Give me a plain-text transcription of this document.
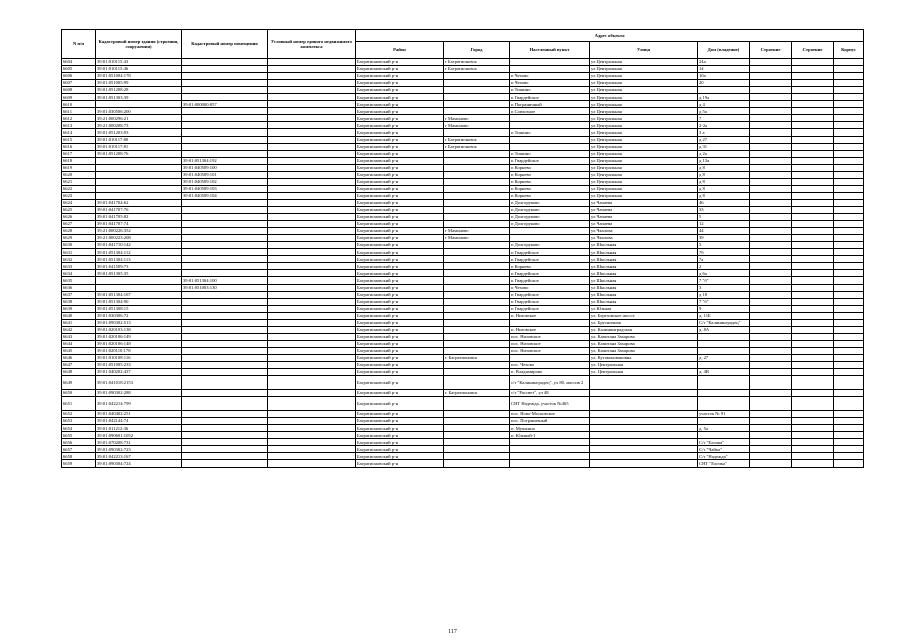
N п/п	Кадастровый номер здания (строения, сооружения)	Кадастровый номер помещения	Условный номер единого недвижимого комплекса	Адрес объекта							
				Район	Город	Населенный пункт	Улица	Дом (владение)	Строение	Строение	Корпус
6604	39:01:010115:43			Багратионовский р-н	г Багратионовск		ул Центральная	24а			
6605	39:01:010115:46			Багратионовский р-н	г Багратионовск		ул Центральная	14			
6606	39:01:051004:178			Багратионовский р-н		п Чехово	ул Центральная	10а			
6607	39:01:051005:99			Багратионовский р-н		п Чехово	ул Центральная	20			
6608	39:01:051208:28			Багратионовский р-н		п Тишино	ул Центральная				
6609	39:01:051303:39			Багратионовский р-н		п Гвардейское	ул Центральная	д 19а			
6610		39:01:000000:857		Багратионовский р-н		п Пограничный	ул Центральная	д 4			
6611	39:01:030506:200			Багратионовский р-н		п Совхозное	ул Центральная	д 5а			
6612	39:21:000296:21			Багратионовский р-н	г Мамоново		ул Центральная	7			
6613	39:21:000208:73			Багратионовский р-н	г Мамоново		ул Центральная	2-2а			
6614	39:01:051203:93			Багратионовский р-н		п Тишино	ул Центральная	3 а			
6615	39:01:010117:80			Багратионовский р-н	г Багратионовск		ул Центральная	д 27			
6616	39:01:010117:81			Багратионовский р-н	г Багратионовск		ул Центральная	д 31			
6617	39:01:051208:76			Багратионовский р-н		п Тишино	ул Центральная	д 2а			
6618		39:01:051304:192		Багратионовский р-н		п Гвардейское	ул Центральная	д 13а			
6619		39:01:040509:100		Багратионовский р-н		п Корнево	ул Центральная	д 8			
6620		39:01:040509:101		Багратионовский р-н		п Корнево	ул Центральная	д 8			
6621		39:01:040509:102		Багратионовский р-н		п Корнево	ул Центральная	д 8			
6622		39:01:040509:103		Багратионовский р-н		п Корнево	ул Центральная	д 8			
6623		39:01:040509:104		Багратионовский р-н		п Корнево	ул Центральная	д 8			
6624	39:01:041704:62			Багратионовский р-н		п Долгоруково	ул Чапаева	46			
6625	39:01:041707:76			Багратионовский р-н		п Долгоруково	ул Чапаева	33			
6626	39:01:041705:82			Багратионовский р-н		п Долгоруково	ул Чапаева	5			
6627	39:01:041707:74			Багратионовский р-н		п Долгоруково	ул Чапаева	12			
6628	39:21:000226:352			Багратионовский р-н	г Мамоново		ул Чкалова	44			
6629	39:21:000223:208			Багратионовский р-н	г Мамоново		ул Чкалова	39			
6630	39:01:041710:142			Багратионовский р-н		п Долгоруково	ул Школьная	5			
6631	39:01:051304:112			Багратионовский р-н		п Гвардейское	ул Школьная	7б			
6632	39:01:051304:113			Багратионовский р-н		п Гвардейское	ул Школьная	7а			
6633	39:01:041509:73			Багратионовский р-н		п Корнево	ул Школьная	2			
6634	39:01:051305:35			Багратионовский р-н		п Гвардейское	ул Школьная	д 6а			
6635		39:01:051304:100		Багратионовский р-н		п Гвардейское	ул Школьная	7 "б"			
6636		39:01:051003:130		Багратионовский р-н		п Чехово	ул Школьная	3			
6637	39:01:051304:167			Багратионовский р-н		п Гвардейское	ул Школьная	д 18			
6638	39:01:051304:90			Багратионовский р-н		п Гвардейское	ул Школьная	7 "б"			
6639	39:01:051308:15			Багратионовский р-н		п Гвардейское	ул Южная	9			
6640	39:01:030306:72			Багратионовский р-н		п. Низовское	ул. Березовское шоссе	д. 11Б			
6641	39:01:090302:513			Багратионовский р-н			ул. Брусничная	С/т "Калининградец"			
6642	39:01:020103:138			Багратионовский р-н		п. Низовское	ул. Калининградская	д. 8А			
6643	39:01:020106:149			Багратионовский р-н		пос. Низовское	ул. Капитана Захарова				
6644	39:01:020106:148			Багратионовский р-н		пос. Низовское	ул. Капитана Захарова				
6645	39:01:020110:178			Багратионовский р-н		пос. Низовское	ул. Капитана Захарова				
6646	39:01:010108:116			Багратионовский р-н	г. Багратионовск		ул. Кутаконовановна	д. 27			
6647	39:01:051005:233			Багратионовский р-н		пос. Чехово	ул. Центральная				
6648	39:01:040202:437			Багратионовский р-н		п. Владимирово	ул. Центральная	д. 4В			
6649	39:01:041018:2153			Багратионовский р-н		с/т "Калининградец", ул 80, массив 2					
6650	39:01:090302:288			Багратионовский р-н	г. Багратионовск	с/т "Рассвет", ул 48					
6651	39:01:042214:799			Багратионовский р-н		СНТ Надежда, участок №465					
6652	39:01:040402:251			Багратионовский р-н		пос. Ново-Московское		участок № 91			
6653	39:01:042144:74			Багратионовский р-н		пос. Пограничный					
6654	39:01:011212:36			Багратионовский р-н		п. Мушкино		д. 5а			
6655	39:01:090601:1052			Багратионовский р-н		п. Южный-1					
6656	39:01:070208:731			Багратионовский р-н				С/т "Елочка"			
6657	39:01:090302:723			Багратионовский р-н				С/т "Чайка"			
6658	39:01:042213:167			Багратионовский р-н				С/т "Надежда"			
6659	39:01:090304:724			Багратионовский р-н				СНТ "Елочка"			
117
